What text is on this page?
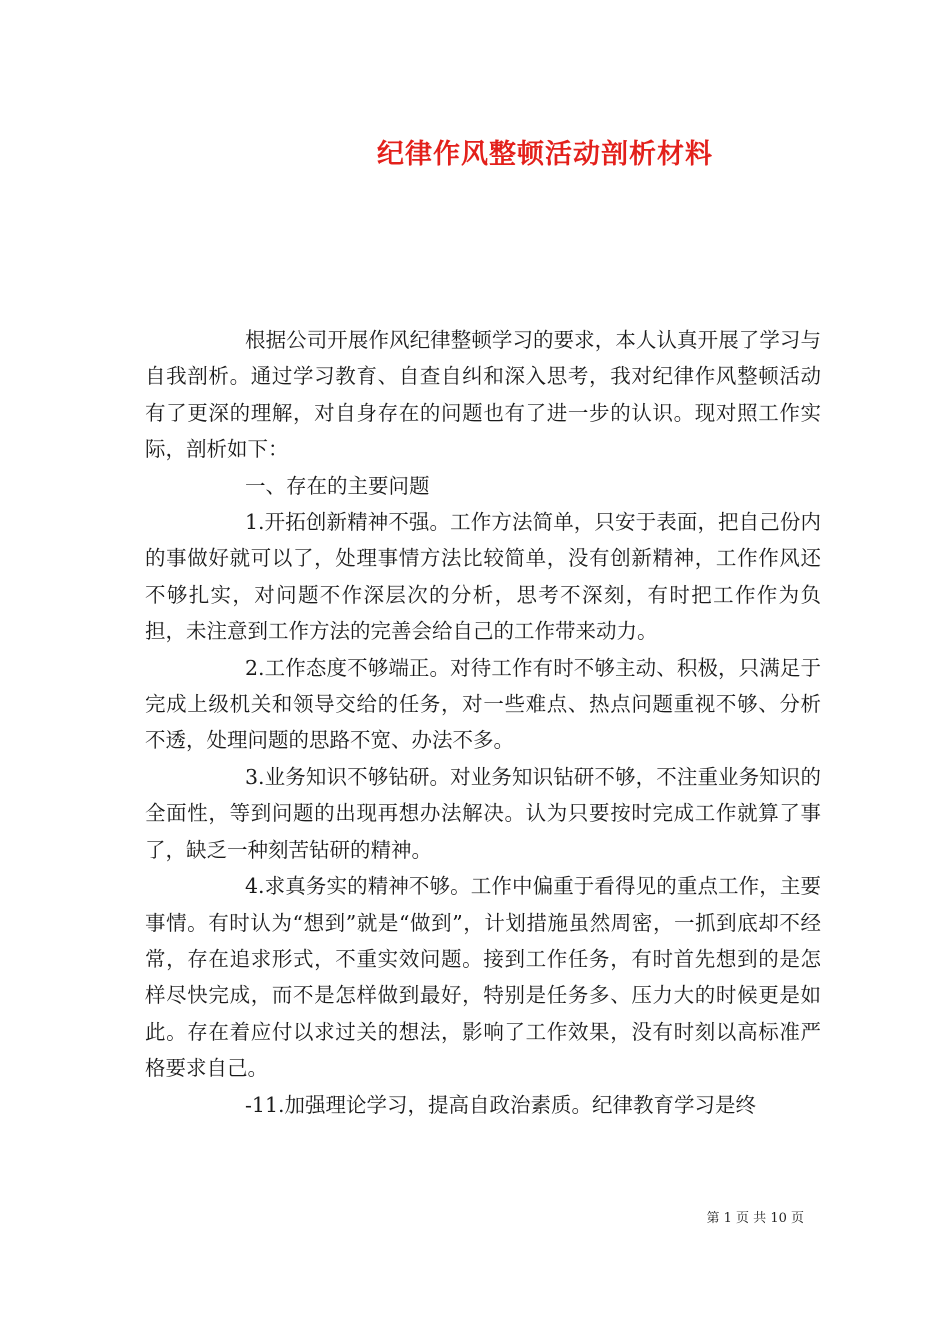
纪律作风整顿活动剖析材料

根据公司开展作风纪律整顿学习的要求，本人认真开展了学习与自我剖析。通过学习教育、自查自纠和深入思考，我对纪律作风整顿活动有了更深的理解，对自身存在的问题也有了进一步的认识。现对照工作实际，剖析如下：

一、存在的主要问题

1.开拓创新精神不强。工作方法简单，只安于表面，把自己份内的事做好就可以了，处理事情方法比较简单，没有创新精神，工作作风还不够扎实，对问题不作深层次的分析，思考不深刻，有时把工作作为负担，未注意到工作方法的完善会给自己的工作带来动力。

2.工作态度不够端正。对待工作有时不够主动、积极，只满足于完成上级机关和领导交给的任务，对一些难点、热点问题重视不够、分析不透，处理问题的思路不宽、办法不多。

3.业务知识不够钻研。对业务知识钻研不够，不注重业务知识的全面性，等到问题的出现再想办法解决。认为只要按时完成工作就算了事了，缺乏一种刻苦钻研的精神。

4.求真务实的精神不够。工作中偏重于看得见的重点工作，主要事情。有时认为“想到”就是“做到”，计划措施虽然周密，一抓到底却不经常，存在追求形式，不重实效问题。接到工作任务，有时首先想到的是怎样尽快完成，而不是怎样做到最好，特别是任务多、压力大的时候更是如此。存在着应付以求过关的想法，影响了工作效果，没有时刻以高标准严格要求自己。

-11.加强理论学习，提高自政治素质。纪律教育学习是终

第 1 页 共 10 页
